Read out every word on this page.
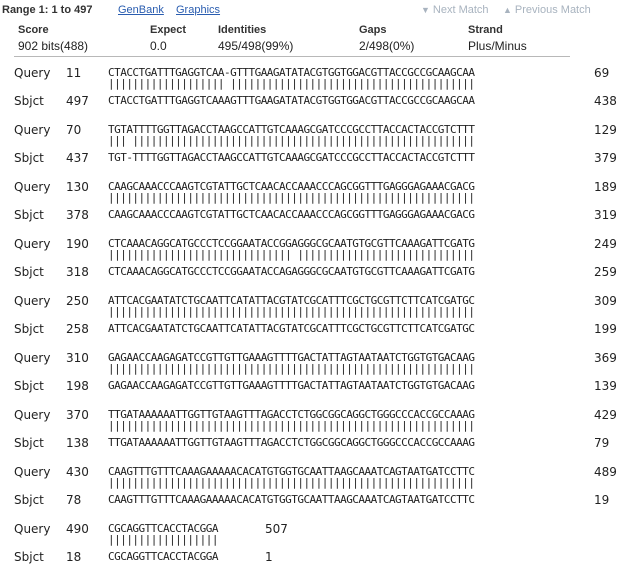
Range 1: 1 to 497 GenBank Graphics	▼ Next Match ▲ Previous Match
Score
902 bits(488)
Expect
0.0
Identities
495/498(99%)
Gaps
2/498(0%)
Strand
Plus/Minus
Query 11 CTACCTGATTTGAGGTCAA-GTTTGAAGATATACGTGGTGGACGTTACCGCCGCAAGCAA	69
||||||||||||||||||| ||||||||||||||||||||||||||||||||||||||||
Sbjct 497 CTACCTGATTTGAGGTCAAAGTTTGAAGATATACGTGGTGGACGTTACCGCCGCAAGCAA	438
Query 70 TGTATTTTGGTTAGACCTAAGCCATTGTCAAAGCGATCCCGCCTTACCACTACCGTCTTT	129
||| ||||||||||||||||||||||||||||||||||||||||||||||||||||||||
Sbjct 437 TGT-TTTTGGTTAGACCTAAGCCATTGTCAAAGCGATCCCGCCTTACCACTACCGTCTTT	379
Query 130 CAAGCAAACCCAAGTCGTATTGCTCAACACCAAACCCAGCGGTTTGAGGGAGAAACGACG	189
||||||||||||||||||||||||||||||||||||||||||||||||||||||||||||
Sbjct 378 CAAGCAAACCCAAGTCGTATTGCTCAACACCAAACCCAGCGGTTTGAGGGAGAAACGACG	319
Query 190 CTCAAACAGGCATGCCCTCCGGAATACCGGAGGGCGCAATGTGCGTTCAAAGATTCGATG	249
|||||||||||||||||||||||||||||| |||||||||||||||||||||||||||||
Sbjct 318 CTCAAACAGGCATGCCCTCCGGAATACCAGAGGGCGCAATGTGCGTTCAAAGATTCGATG	259
Query 250 ATTCACGAATATCTGCAATTCATATTACGTATCGCATTTCGCTGCGTTCTTCATCGATGC	309
||||||||||||||||||||||||||||||||||||||||||||||||||||||||||||
Sbjct 258 ATTCACGAATATCTGCAATTCATATTACGTATCGCATTTCGCTGCGTTCTTCATCGATGC	199
Query 310 GAGAACCAAGAGATCCGTTGTTGAAAGTTTTGACTATTAGTAATAATCTGGTGTGACAAG	369
||||||||||||||||||||||||||||||||||||||||||||||||||||||||||||
Sbjct 198 GAGAACCAAGAGATCCGTTGTTGAAAGTTTTGACTATTAGTAATAATCTGGTGTGACAAG	139
Query 370 TTGATAAAAAATTGGTTGTAAGTTTAGACCTCTGGCGGCAGGCTGGGCCCACCGCCAAAG	429
||||||||||||||||||||||||||||||||||||||||||||||||||||||||||||
Sbjct 138 TTGATAAAAAATTGGTTGTAAGTTTAGACCTCTGGCGGCAGGCTGGGCCCACCGCCAAAG	79
Query 430 CAAGTTTGTTTCAAAGAAAAACACATGTGGTGCAATTAAGCAAATCAGTAATGATCCTTC	489
||||||||||||||||||||||||||||||||||||||||||||||||||||||||||||
Sbjct 78 CAAGTTTGTTTCAAAGAAAAACACATGTGGTGCAATTAAGCAAATCAGTAATGATCCTTC	19
Query 490 CGCAGGTTCACCTACGGA	507
||||||||||||||||||
Sbjct 18 CGCAGGTTCACCTACGGA	1
